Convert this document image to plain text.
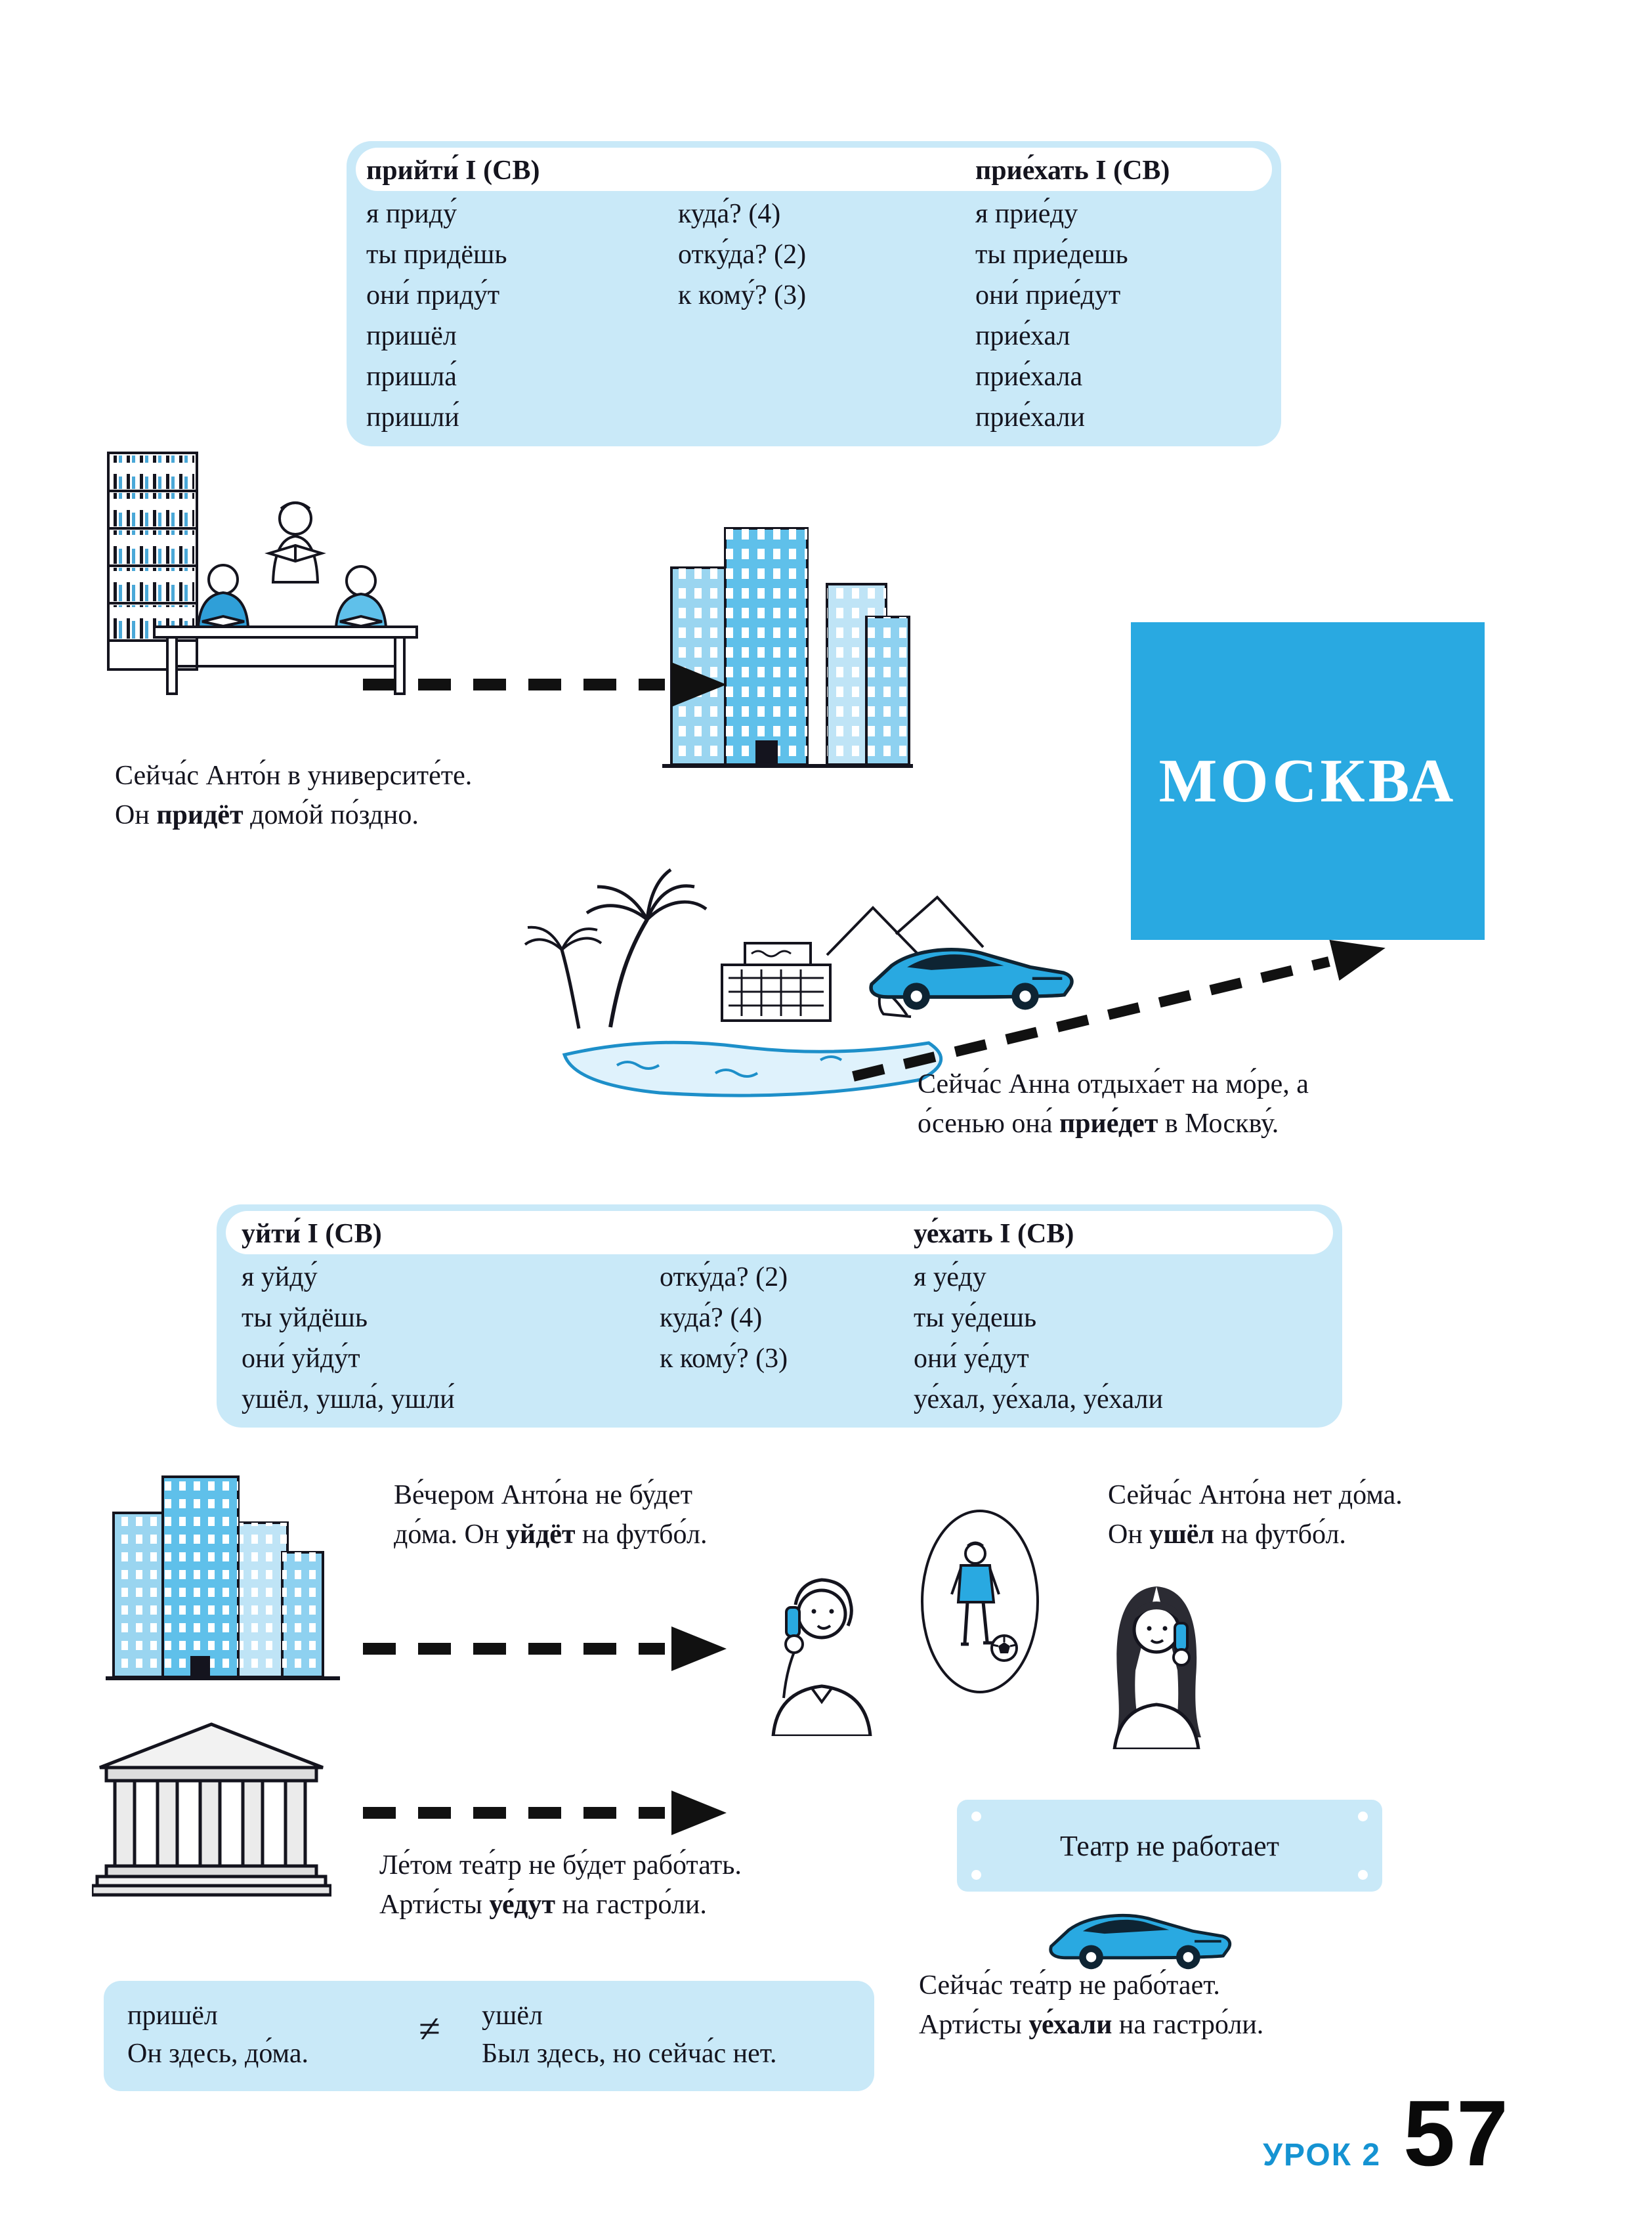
прийти́ I (СВ)
я приду́
ты придёшь
они́ приду́т
пришёл
пришла́
пришли́
куда́? (4)
отку́да? (2)
к кому́? (3)
прие́хать I (СВ)
я прие́ду
ты прие́дешь
они́ прие́дут
прие́хал
прие́хала
прие́хали
Сейча́с Анто́н в университе́те.
Он придёт домо́й по́здно.	МОСКВА
Сейча́с Анна отдыха́ет на мо́ре, а
о́сенью она́ прие́дет в Москву́.
уйти́ I (СВ)
я уйду́
ты уйдёшь
они́ уйду́т
ушёл, ушла́, ушли́
отку́да? (2)
куда́? (4)
к кому́? (3)
уе́хать I (СВ)
я уе́ду
ты уе́дешь
они́ уе́дут
уе́хал, уе́хала, уе́хали
Ве́чером Анто́на не бу́дет
до́ма. Он уйдёт на футбо́л.
Сейча́с Анто́на нет до́ма.
Он ушёл на футбо́л.
Ле́том теа́тр не бу́дет рабо́тать.
Арти́сты уе́дут на гастро́ли.
Театр не работает
Сейча́с теа́тр не рабо́тает.
Арти́сты уе́хали на гастро́ли.
пришёл
Он здесь, до́ма.
≠ ушёл
Был здесь, но сейча́с нет.
УРОК 2 57
